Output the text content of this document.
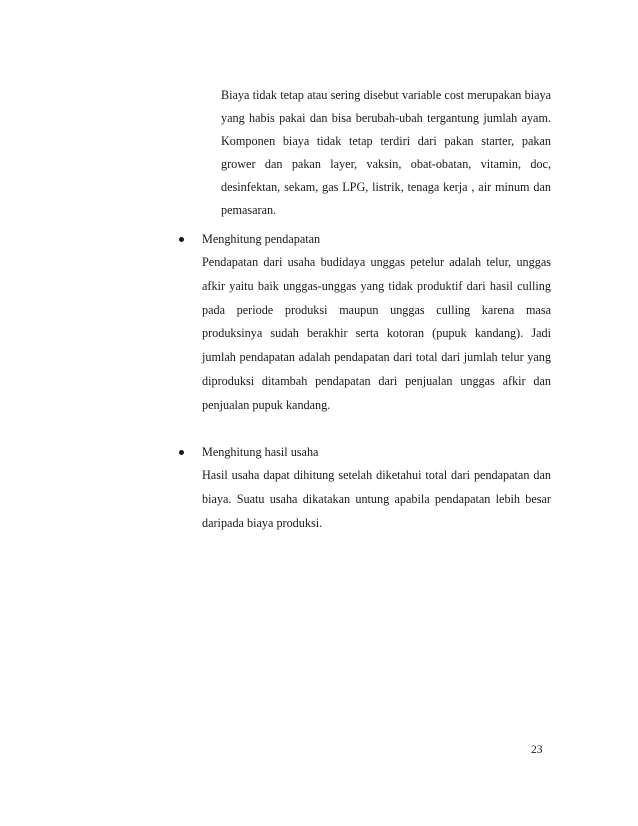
Biaya tidak tetap atau sering disebut variable cost merupakan biaya yang habis pakai dan bisa berubah-ubah tergantung jumlah ayam. Komponen biaya tidak tetap terdiri dari pakan starter, pakan grower dan pakan layer, vaksin, obat-obatan, vitamin, doc, desinfektan, sekam, gas LPG, listrik, tenaga kerja , air minum dan pemasaran.

Menghitung pendapatan

Pendapatan dari usaha budidaya unggas petelur adalah telur, unggas afkir yaitu baik unggas-unggas yang tidak produktif dari hasil culling pada periode produksi maupun unggas culling karena masa produksinya sudah berakhir serta kotoran (pupuk kandang). Jadi jumlah pendapatan adalah pendapatan dari total dari jumlah telur yang diproduksi ditambah pendapatan dari penjualan unggas afkir dan penjualan pupuk kandang.

Menghitung hasil usaha

Hasil usaha dapat dihitung setelah diketahui total dari pendapatan dan biaya. Suatu usaha dikatakan untung apabila pendapatan lebih besar daripada biaya produksi.

23
